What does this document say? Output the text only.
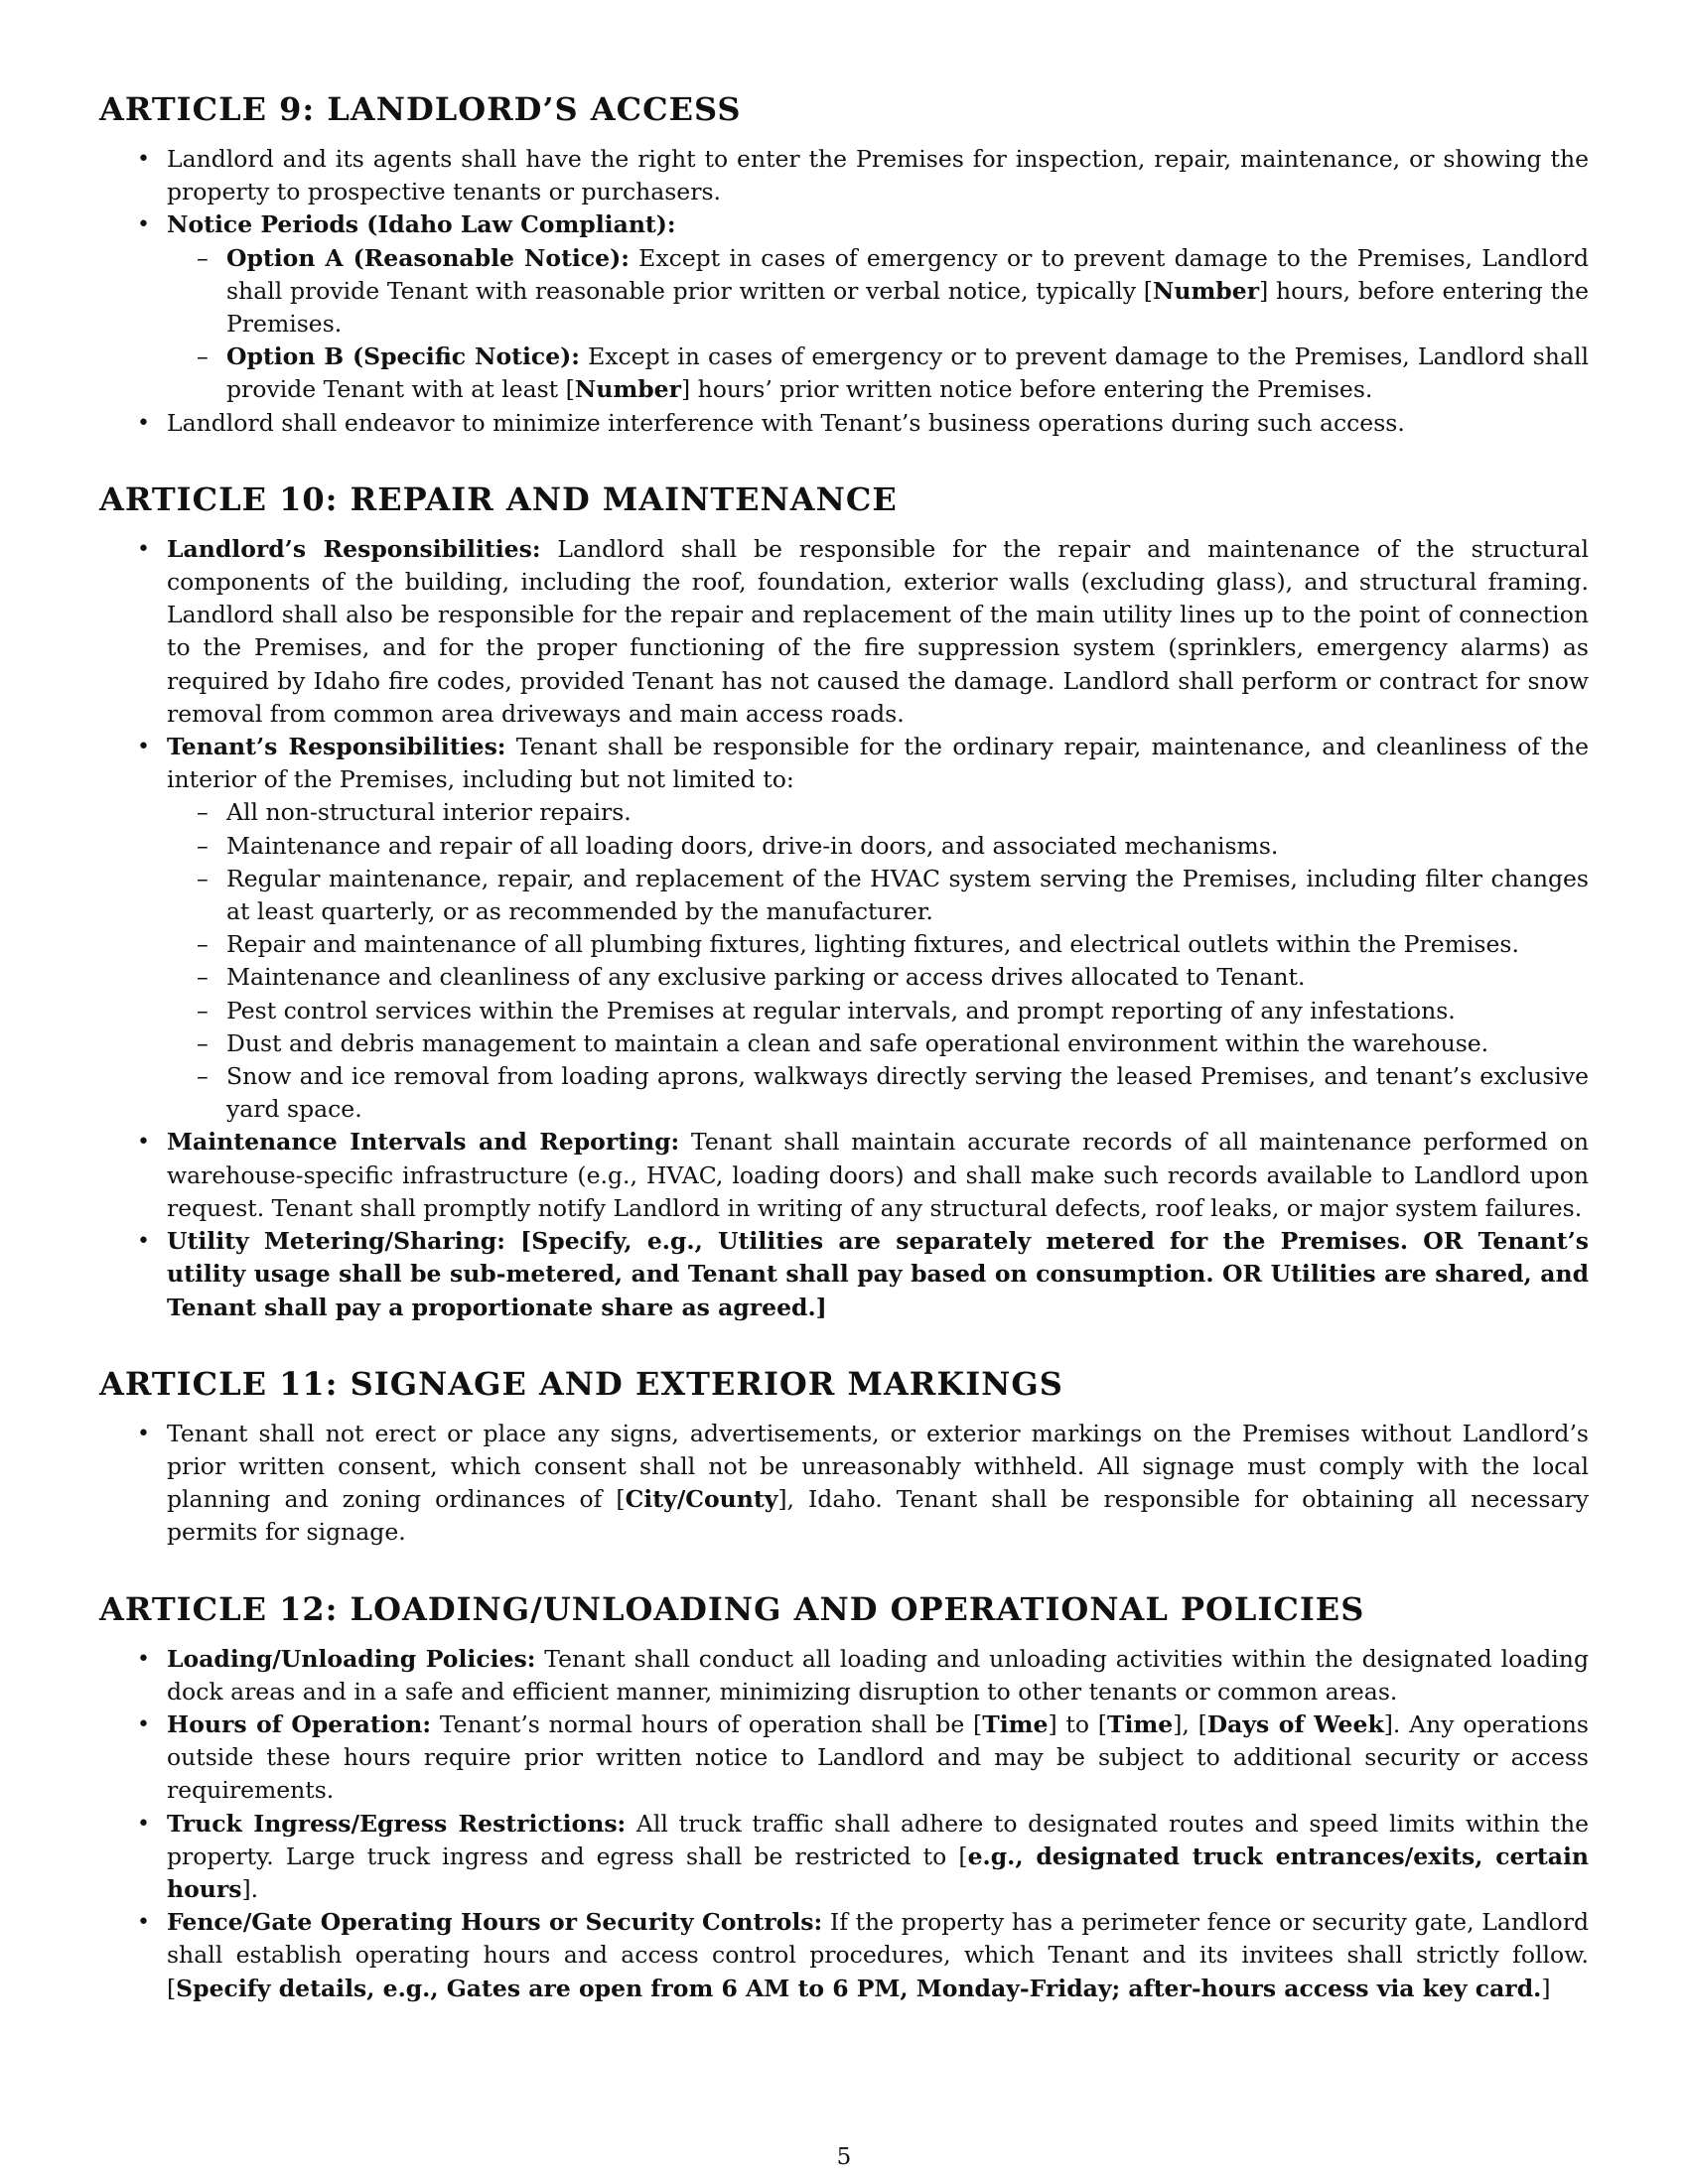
ARTICLE 9: LANDLORD’S ACCESS
• Landlord and its agents shall have the right to enter the Premises for inspection, repair, maintenance, or showing the property to prospective tenants or purchasers.
• Notice Periods (Idaho Law Compliant):
– Option A (Reasonable Notice): Except in cases of emergency or to prevent damage to the Premises, Landlord shall provide Tenant with reasonable prior written or verbal notice, typically [Number] hours, before entering the Premises.
– Option B (Specific Notice): Except in cases of emergency or to prevent damage to the Premises, Landlord shall provide Tenant with at least [Number] hours’ prior written notice before entering the Premises.
• Landlord shall endeavor to minimize interference with Tenant’s business operations during such access.
ARTICLE 10: REPAIR AND MAINTENANCE
• Landlord’s Responsibilities: Landlord shall be responsible for the repair and maintenance of the structural components of the building, including the roof, foundation, exterior walls (excluding glass), and structural framing. Landlord shall also be responsible for the repair and replacement of the main utility lines up to the point of connection to the Premises, and for the proper functioning of the fire suppression system (sprinklers, emergency alarms) as required by Idaho fire codes, provided Tenant has not caused the damage. Landlord shall perform or contract for snow removal from common area driveways and main access roads.
• Tenant’s Responsibilities: Tenant shall be responsible for the ordinary repair, maintenance, and cleanliness of the interior of the Premises, including but not limited to:
– All non-structural interior repairs.
– Maintenance and repair of all loading doors, drive-in doors, and associated mechanisms.
– Regular maintenance, repair, and replacement of the HVAC system serving the Premises, including filter changes at least quarterly, or as recommended by the manufacturer.
– Repair and maintenance of all plumbing fixtures, lighting fixtures, and electrical outlets within the Premises.
– Maintenance and cleanliness of any exclusive parking or access drives allocated to Tenant.
– Pest control services within the Premises at regular intervals, and prompt reporting of any infestations.
– Dust and debris management to maintain a clean and safe operational environment within the warehouse.
– Snow and ice removal from loading aprons, walkways directly serving the leased Premises, and tenant’s exclusive yard space.
• Maintenance Intervals and Reporting: Tenant shall maintain accurate records of all maintenance performed on warehouse-specific infrastructure (e.g., HVAC, loading doors) and shall make such records available to Landlord upon request. Tenant shall promptly notify Landlord in writing of any structural defects, roof leaks, or major system failures.
• Utility Metering/Sharing: [Specify, e.g., Utilities are separately metered for the Premises. OR Tenant’s utility usage shall be sub-metered, and Tenant shall pay based on consumption. OR Utilities are shared, and Tenant shall pay a proportionate share as agreed.]
ARTICLE 11: SIGNAGE AND EXTERIOR MARKINGS
• Tenant shall not erect or place any signs, advertisements, or exterior markings on the Premises without Landlord’s prior written consent, which consent shall not be unreasonably withheld. All signage must comply with the local planning and zoning ordinances of [City/County], Idaho. Tenant shall be responsible for obtaining all necessary permits for signage.
ARTICLE 12: LOADING/UNLOADING AND OPERATIONAL POLICIES
• Loading/Unloading Policies: Tenant shall conduct all loading and unloading activities within the designated loading dock areas and in a safe and efficient manner, minimizing disruption to other tenants or common areas.
• Hours of Operation: Tenant’s normal hours of operation shall be [Time] to [Time], [Days of Week]. Any operations outside these hours require prior written notice to Landlord and may be subject to additional security or access requirements.
• Truck Ingress/Egress Restrictions: All truck traffic shall adhere to designated routes and speed limits within the property. Large truck ingress and egress shall be restricted to [e.g., designated truck entrances/exits, certain hours].
• Fence/Gate Operating Hours or Security Controls: If the property has a perimeter fence or security gate, Landlord shall establish operating hours and access control procedures, which Tenant and its invitees shall strictly follow. [Specify details, e.g., Gates are open from 6 AM to 6 PM, Monday-Friday; after-hours access via key card.]
5
